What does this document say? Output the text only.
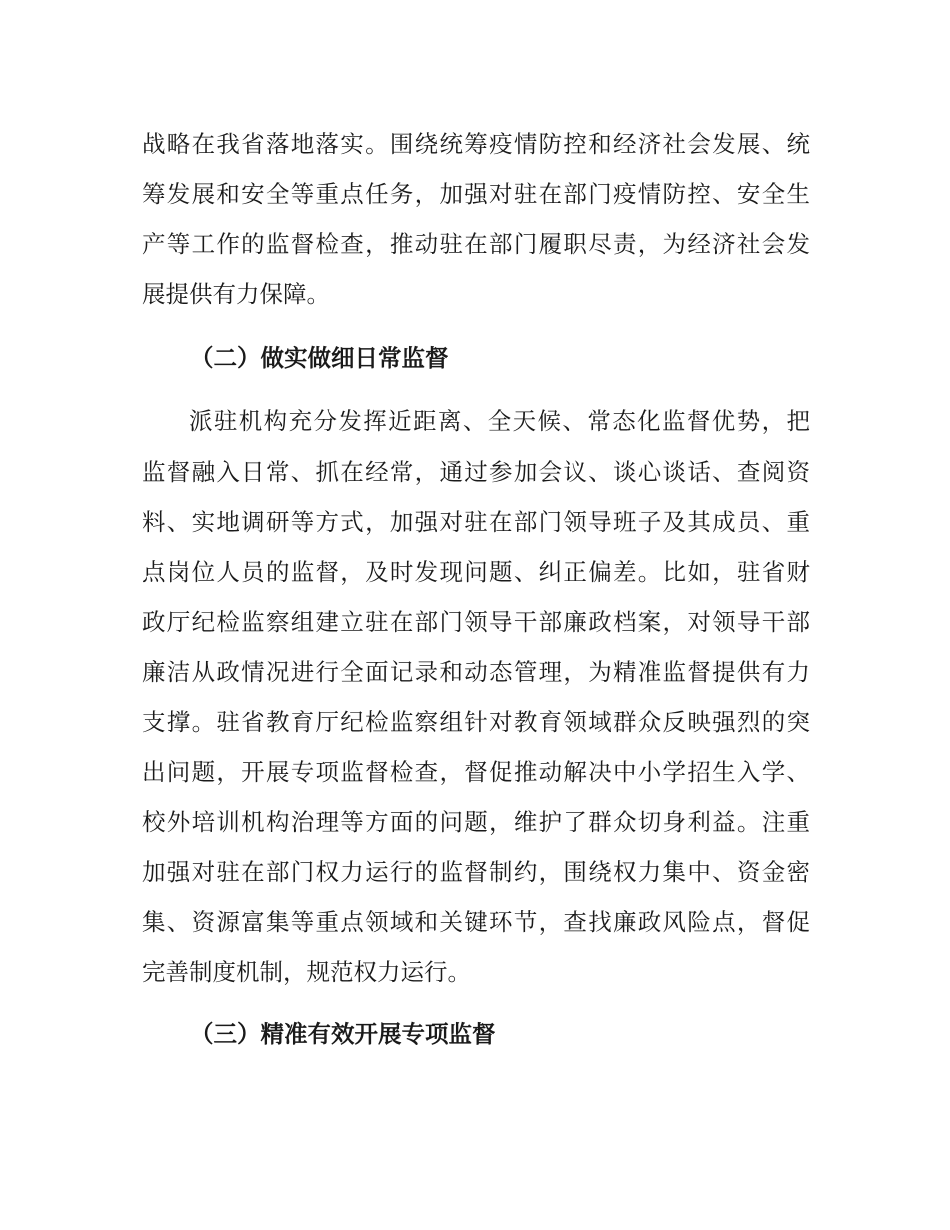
战略在我省落地落实。围绕统筹疫情防控和经济社会发展、统
筹发展和安全等重点任务，加强对驻在部门疫情防控、安全生
产等工作的监督检查，推动驻在部门履职尽责，为经济社会发
展提供有力保障。
（二）做实做细日常监督
派驻机构充分发挥近距离、全天候、常态化监督优势，把
监督融入日常、抓在经常，通过参加会议、谈心谈话、查阅资
料、实地调研等方式，加强对驻在部门领导班子及其成员、重
点岗位人员的监督，及时发现问题、纠正偏差。比如，驻省财
政厅纪检监察组建立驻在部门领导干部廉政档案，对领导干部
廉洁从政情况进行全面记录和动态管理，为精准监督提供有力
支撑。驻省教育厅纪检监察组针对教育领域群众反映强烈的突
出问题，开展专项监督检查，督促推动解决中小学招生入学、
校外培训机构治理等方面的问题，维护了群众切身利益。注重
加强对驻在部门权力运行的监督制约，围绕权力集中、资金密
集、资源富集等重点领域和关键环节，查找廉政风险点，督促
完善制度机制，规范权力运行。
（三）精准有效开展专项监督
